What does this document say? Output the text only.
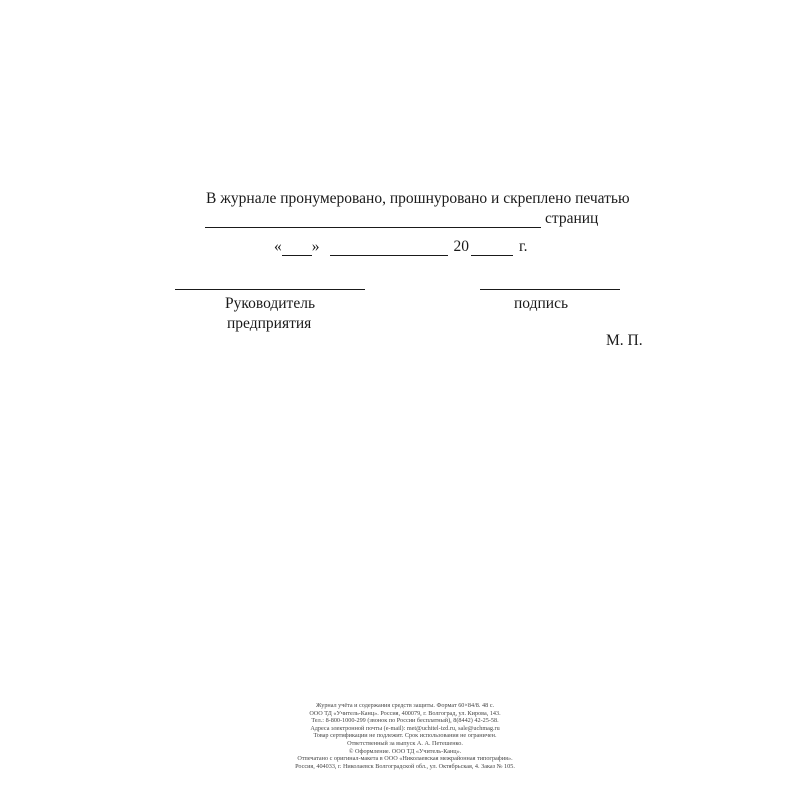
В журнале пронумеровано, прошнуровано и скреплено печатью
страниц
« »	20	г.
Руководитель
предприятия
подпись
М. П.
Журнал учёта и содержания средств защиты. Формат 60×84/8. 48 с.
ООО ТД «Учитель-Канц». Россия, 400079, г. Волгоград, ул. Кирова, 143.
Тел.: 8-800-1000-299 (звонок по России бесплатный), 8(8442) 42-25-58.
Адреса электронной почты (e-mail): met@uchitel-izd.ru, sale@uchmag.ru
Товар сертификации не подлежит. Срок использования не ограничен.
Ответственный за выпуск А. А. Петешенко.
© Оформление. ООО ТД «Учитель-Канц».
Отпечатано с оригинал-макета в ООО «Николаевская межрайонная типография».
Россия, 404033, г. Николаевск Волгоградской обл., ул. Октябрьская, 4. Заказ № 105.
